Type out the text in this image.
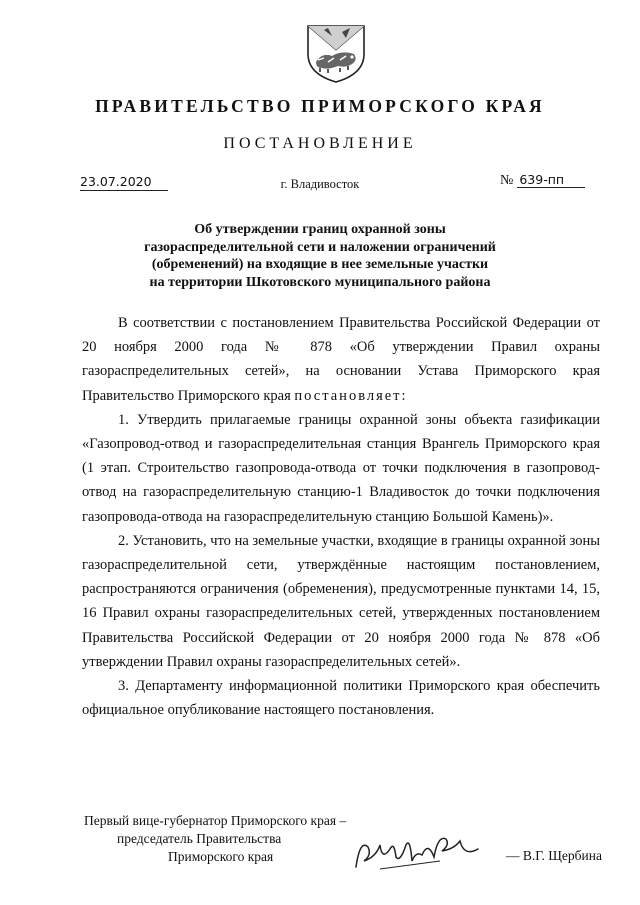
ПРАВИТЕЛЬСТВО ПРИМОРСКОГО КРАЯ
ПОСТАНОВЛЕНИЕ
23.07.2020	г. Владивосток	№ 639-пп
Об утверждении границ охранной зоны
газораспределительной сети и наложении ограничений
(обременений) на входящие в нее земельные участки
на территории Шкотовского муниципального района

В соответствии с постановлением Правительства Российской Федерации от 20 ноября 2000 года № 878 «Об утверждении Правил охраны газораспределительных сетей», на основании Устава Приморского края Правительство Приморского края постановляет:

1. Утвердить прилагаемые границы охранной зоны объекта газификации «Газопровод-отвод и газораспределительная станция Врангель Приморского края (1 этап. Строительство газопровода-отвода от точки подключения в газопровод-отвод на газораспределительную станцию-1 Владивосток до точки подключения газопровода-отвода на газораспределительную станцию Большой Камень)».

2. Установить, что на земельные участки, входящие в границы охранной зоны газораспределительной сети, утверждённые настоящим постановлением, распространяются ограничения (обременения), предусмотренные пунктами 14, 15, 16 Правил охраны газораспределительных сетей, утвержденных постановлением Правительства Российской Федерации от 20 ноября 2000 года № 878 «Об утверждении Правил охраны газораспределительных сетей».

3. Департаменту информационной политики Приморского края обеспечить официальное опубликование настоящего постановления.

Первый вице-губернатор Приморского края –
председатель Правительства
Приморского края	— В.Г. Щербина
